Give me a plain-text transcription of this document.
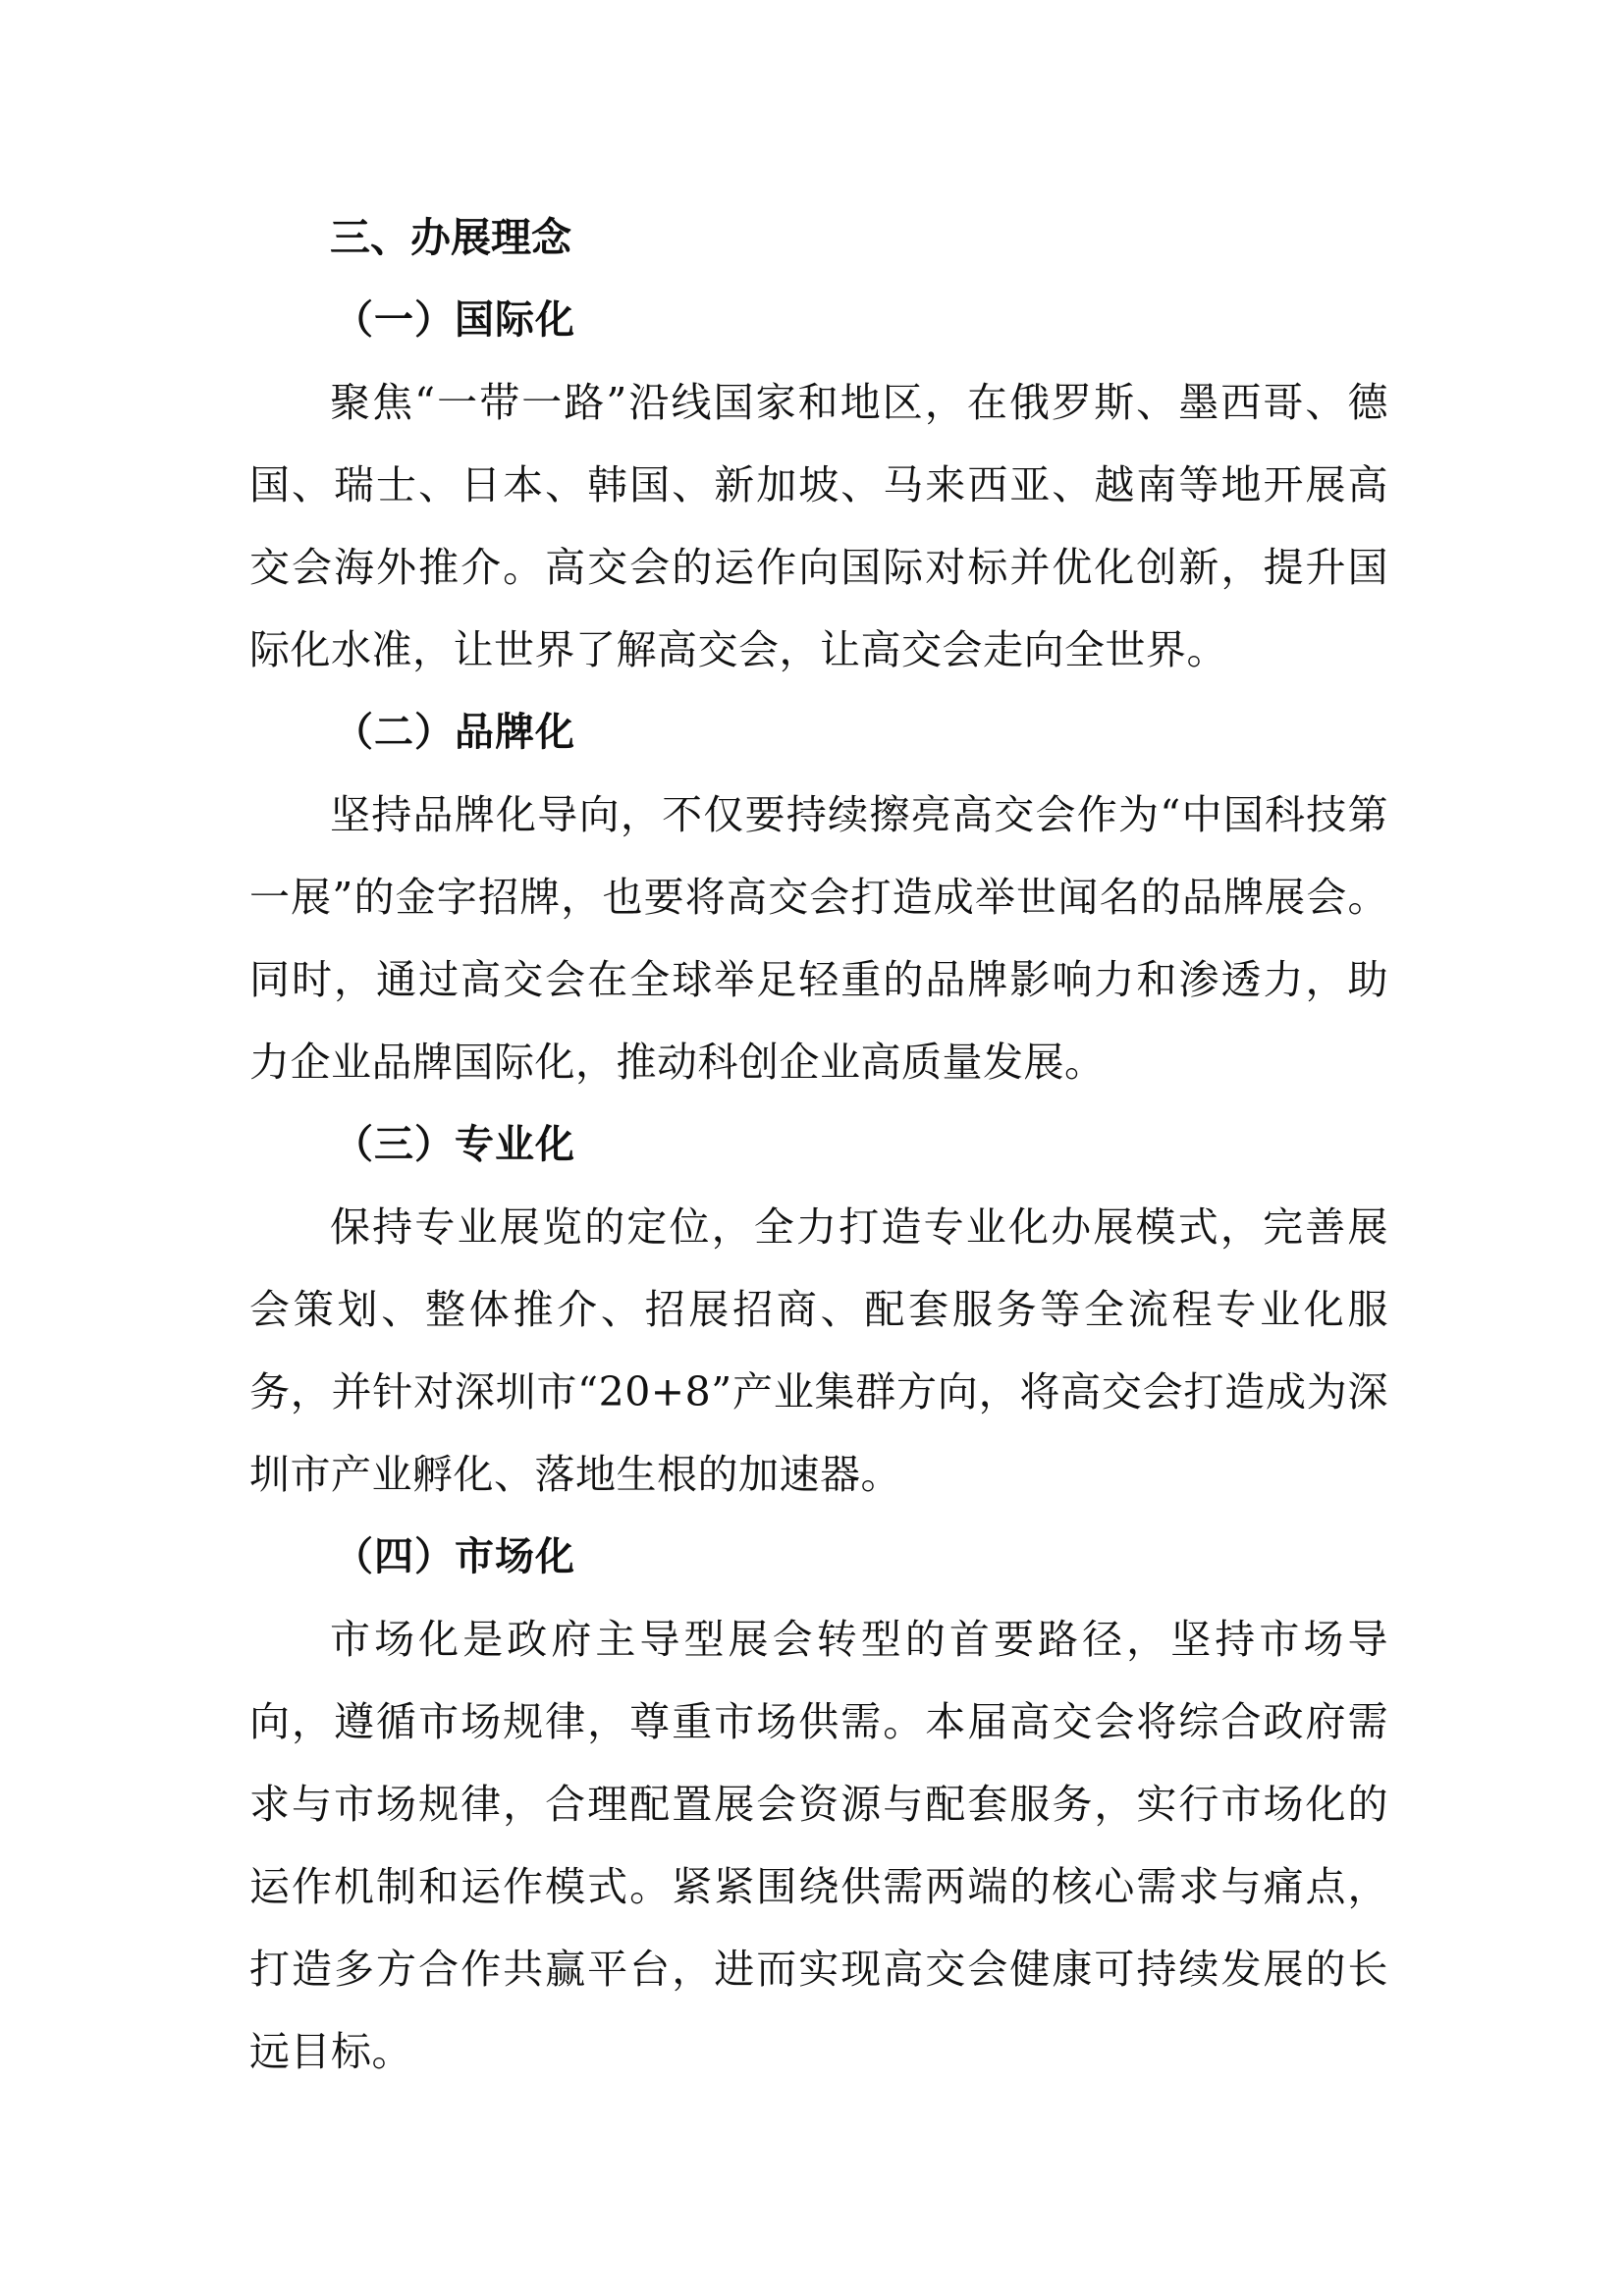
三、办展理念
（一）国际化

聚焦“一带一路”沿线国家和地区，在俄罗斯、墨西哥、德国、瑞士、日本、韩国、新加坡、马来西亚、越南等地开展高交会海外推介。高交会的运作向国际对标并优化创新，提升国际化水准，让世界了解高交会，让高交会走向全世界。

（二）品牌化

坚持品牌化导向，不仅要持续擦亮高交会作为“中国科技第一展”的金字招牌，也要将高交会打造成举世闻名的品牌展会。同时，通过高交会在全球举足轻重的品牌影响力和渗透力，助力企业品牌国际化，推动科创企业高质量发展。

（三）专业化

保持专业展览的定位，全力打造专业化办展模式，完善展会策划、整体推介、招展招商、配套服务等全流程专业化服务，并针对深圳市“20+8”产业集群方向，将高交会打造成为深圳市产业孵化、落地生根的加速器。

（四）市场化

市场化是政府主导型展会转型的首要路径，坚持市场导向，遵循市场规律，尊重市场供需。本届高交会将综合政府需求与市场规律，合理配置展会资源与配套服务，实行市场化的运作机制和运作模式。紧紧围绕供需两端的核心需求与痛点，打造多方合作共赢平台，进而实现高交会健康可持续发展的长远目标。
